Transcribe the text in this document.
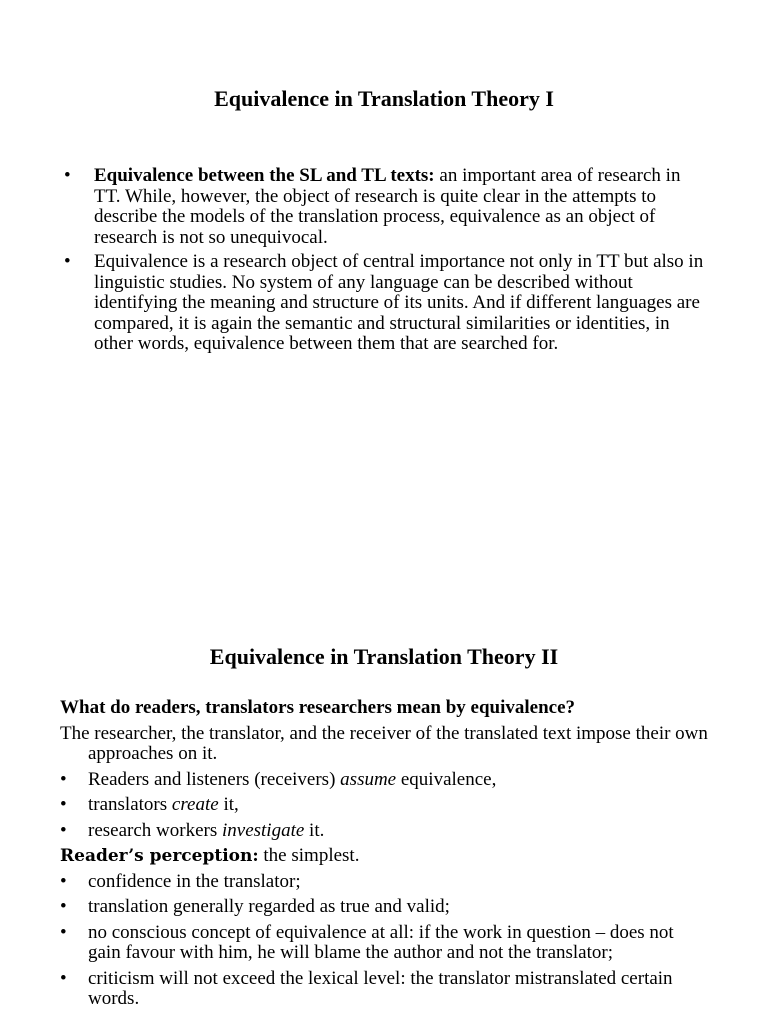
Equivalence in Translation Theory I
• Equivalence between the SL and TL texts: an important area of research in TT. While, however, the object of research is quite clear in the attempts to describe the models of the translation process, equivalence as an object of research is not so unequivocal.
• Equivalence is a research object of central importance not only in TT but also in linguistic studies. No system of any language can be described without identifying the meaning and structure of its units. And if different languages are compared, it is again the semantic and structural similarities or identities, in other words, equivalence between them that are searched for.
Equivalence in Translation Theory II
What do readers, translators researchers mean by equivalence?
The researcher, the translator, and the receiver of the translated text impose their own approaches on it.
• Readers and listeners (receivers) assume equivalence,
• translators create it,
• research workers investigate it.
Reader’s perception: the simplest.
• confidence in the translator;
• translation generally regarded as true and valid;
• no conscious concept of equivalence at all: if the work in question – does not gain favour with him, he will blame the author and not the translator;
• criticism will not exceed the lexical level: the translator mistranslated certain words.
